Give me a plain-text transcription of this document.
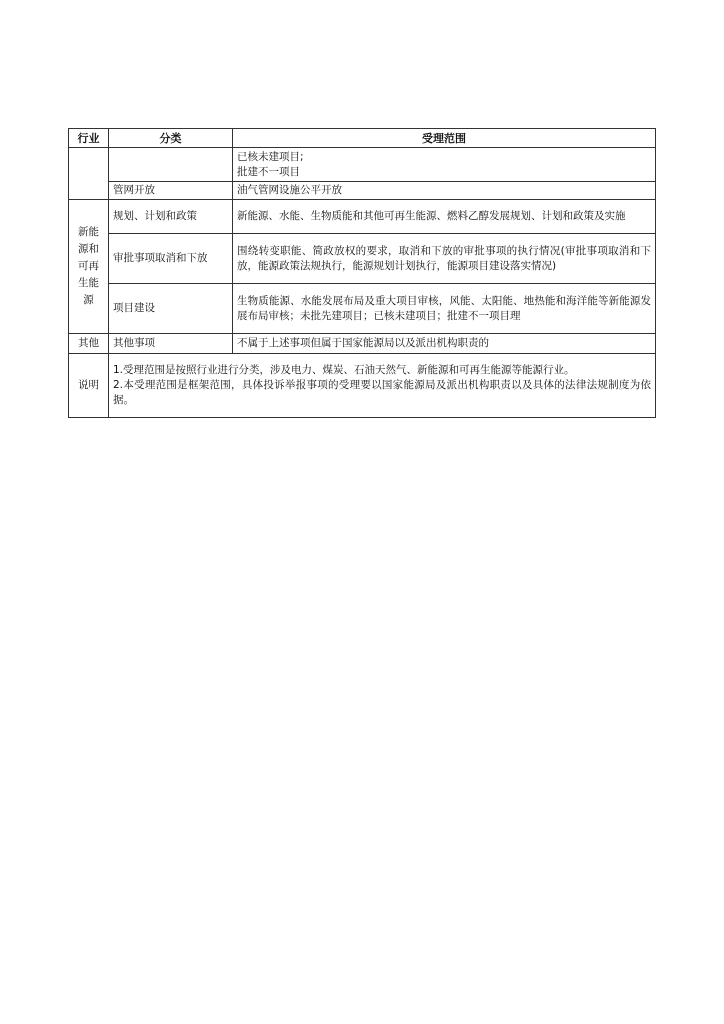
行业	分类	受理范围

		已核未建项目;
批建不一项目

	管网开放	油气管网设施公平开放

新能
源和
可再
生能
源	规划、计划和政策	新能源、水能、生物质能和其他可再生能源、燃料乙醇发展规划、计划和政策及实施
	审批事项取消和下放	围绕转变职能、简政放权的要求，取消和下放的审批事项的执行情况(审批事项取消和下放，能源政策法规执行，能源规划计划执行，能源项目建设落实情况)
	项目建设	生物质能源、水能发展布局及重大项目审核，风能、太阳能、地热能和海洋能等新能源发展布局审核；未批先建项目；已核未建项目；批建不一项目理
其他	其他事项	不属于上述事项但属于国家能源局以及派出机构职责的
说明	1.受理范围是按照行业进行分类，涉及电力、煤炭、石油天然气、新能源和可再生能源等能源行业。
2.本受理范围是框架范围，具体投诉举报事项的受理要以国家能源局及派出机构职责以及具体的法律法规制度为依据。	
